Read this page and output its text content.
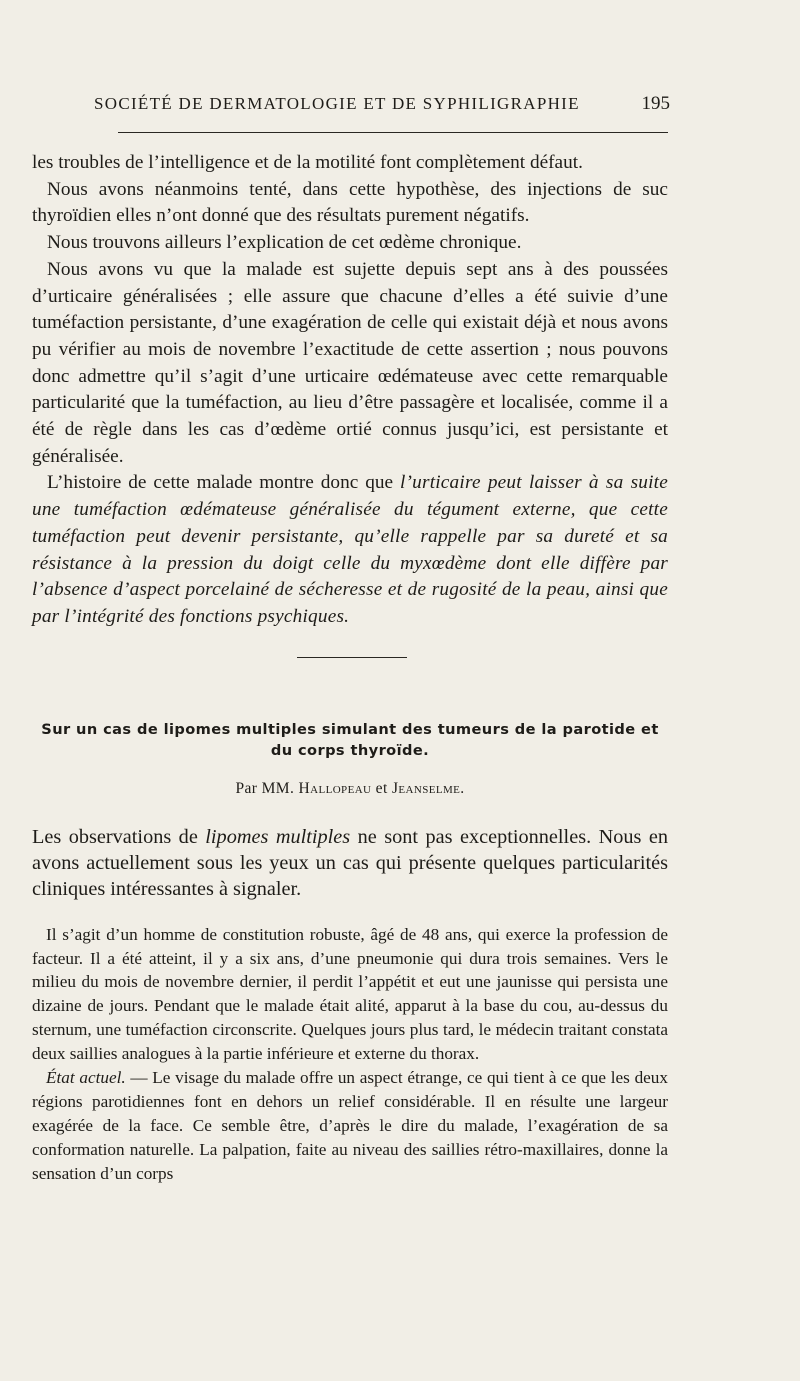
SOCIÉTÉ DE DERMATOLOGIE ET DE SYPHILIGRAPHIE	195

les troubles de l’intelligence et de la motilité font complètement défaut.

Nous avons néanmoins tenté, dans cette hypothèse, des injections de suc thyroïdien elles n’ont donné que des résultats purement négatifs.

Nous trouvons ailleurs l’explication de cet œdème chronique.

Nous avons vu que la malade est sujette depuis sept ans à des poussées d’urticaire généralisées ; elle assure que chacune d’elles a été suivie d’une tuméfaction persistante, d’une exagération de celle qui existait déjà et nous avons pu vérifier au mois de novembre l’exactitude de cette assertion ; nous pouvons donc admettre qu’il s’agit d’une urticaire œdémateuse avec cette remarquable particularité que la tuméfaction, au lieu d’être passagère et localisée, comme il a été de règle dans les cas d’œdème ortié connus jusqu’ici, est persistante et généralisée.

L’histoire de cette malade montre donc que l’urticaire peut laisser à sa suite une tuméfaction œdémateuse généralisée du tégument externe, que cette tuméfaction peut devenir persistante, qu’elle rappelle par sa dureté et sa résistance à la pression du doigt celle du myxœdème dont elle diffère par l’absence d’aspect porcelainé de sécheresse et de rugosité de la peau, ainsi que par l’intégrité des fonctions psychiques.

Sur un cas de lipomes multiples simulant des tumeurs de la parotide et du corps thyroïde.
Par MM. Hallopeau et Jeanselme.

Les observations de lipomes multiples ne sont pas exceptionnelles. Nous en avons actuellement sous les yeux un cas qui présente quelques particularités cliniques intéressantes à signaler.

Il s’agit d’un homme de constitution robuste, âgé de 48 ans, qui exerce la profession de facteur. Il a été atteint, il y a six ans, d’une pneumonie qui dura trois semaines. Vers le milieu du mois de novembre dernier, il perdit l’appétit et eut une jaunisse qui persista une dizaine de jours. Pendant que le malade était alité, apparut à la base du cou, au-dessus du sternum, une tuméfaction circonscrite. Quelques jours plus tard, le médecin traitant constata deux saillies analogues à la partie inférieure et externe du thorax.

État actuel. — Le visage du malade offre un aspect étrange, ce qui tient à ce que les deux régions parotidiennes font en dehors un relief considérable. Il en résulte une largeur exagérée de la face. Ce semble être, d’après le dire du malade, l’exagération de sa conformation naturelle. La palpation, faite au niveau des saillies rétro-maxillaires, donne la sensation d’un corps
